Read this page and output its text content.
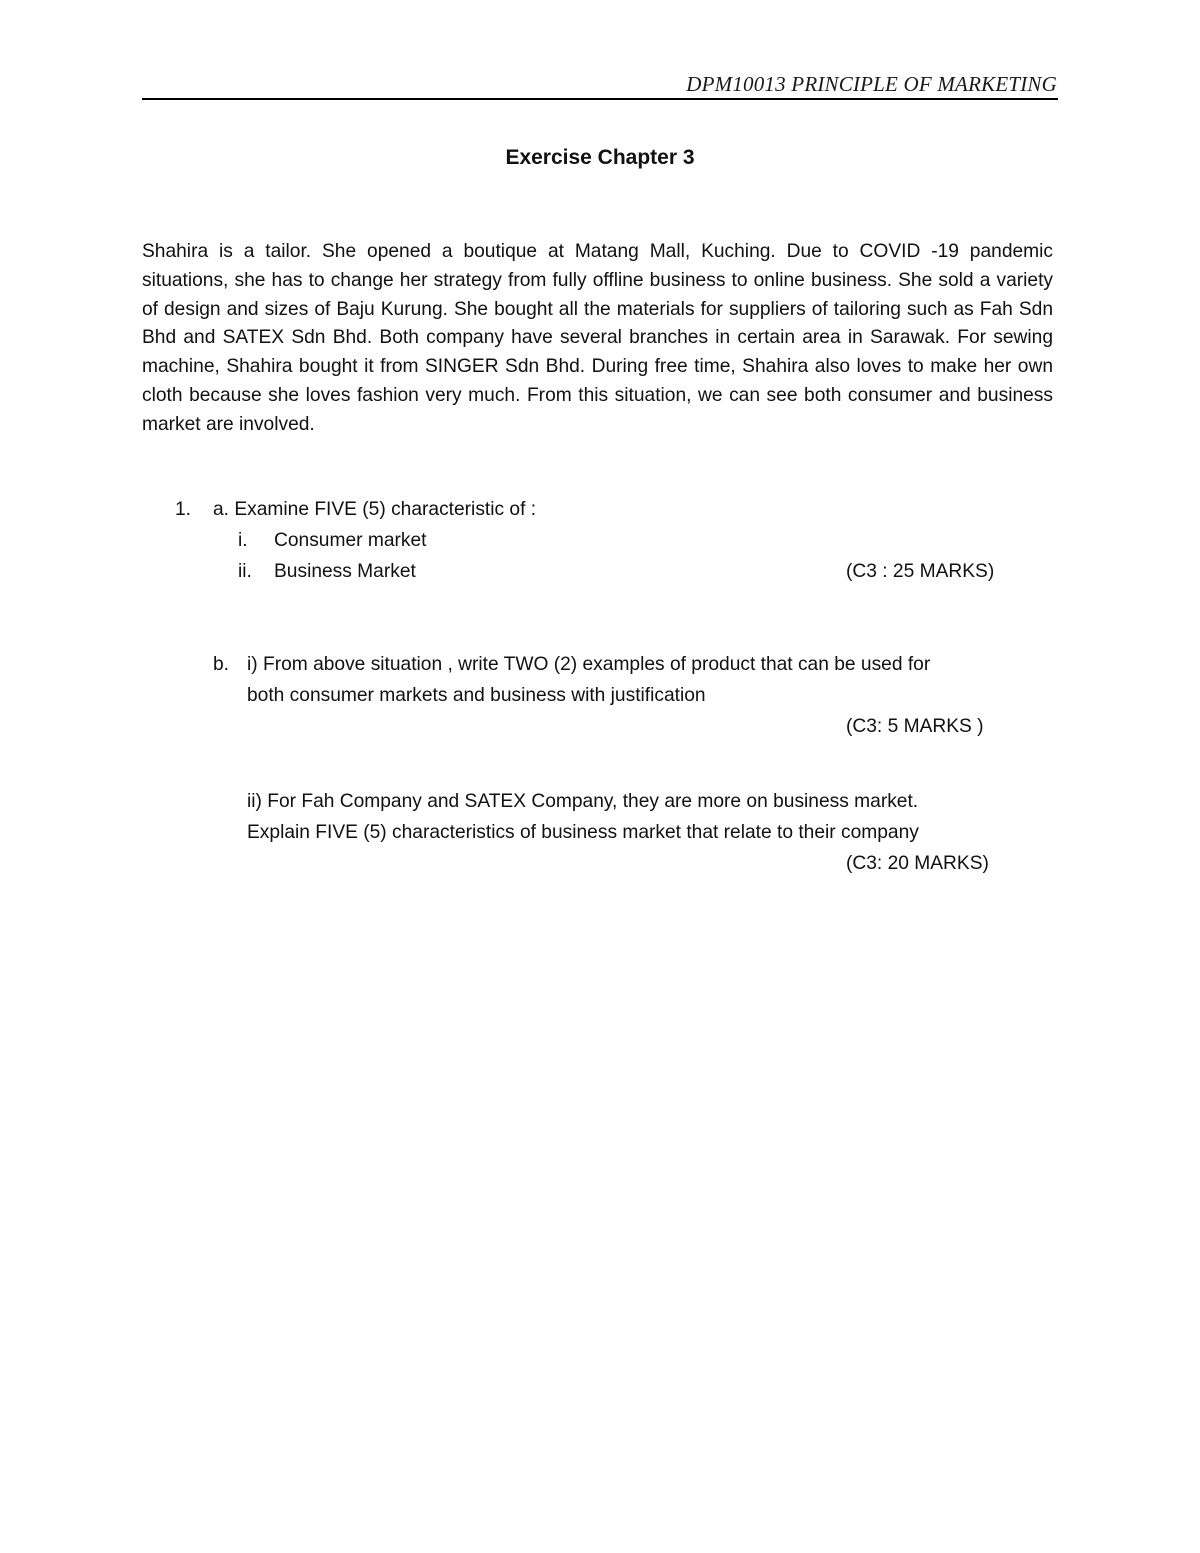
DPM10013 PRINCIPLE OF MARKETING
Exercise Chapter 3
Shahira is a tailor. She opened a boutique at Matang Mall, Kuching. Due to COVID -19 pandemic situations, she has to change her strategy from fully offline business to online business. She sold a variety of design and sizes of Baju Kurung. She bought all the materials for suppliers of tailoring such as Fah Sdn Bhd and SATEX Sdn Bhd. Both company have several branches in certain area in Sarawak. For sewing machine, Shahira bought it from SINGER Sdn Bhd. During free time, Shahira also loves to make her own cloth because she loves fashion very much. From this situation, we can see both consumer and business market are involved.
1. a. Examine FIVE (5) characteristic of :
i. Consumer market
ii. Business Market	(C3 : 25 MARKS)
b. i) From above situation , write TWO (2) examples of product that can be used for
both consumer markets and business with justification
(C3: 5 MARKS )
ii) For Fah Company and SATEX Company, they are more on business market.
Explain FIVE (5) characteristics of business market that relate to their company
(C3: 20 MARKS)
